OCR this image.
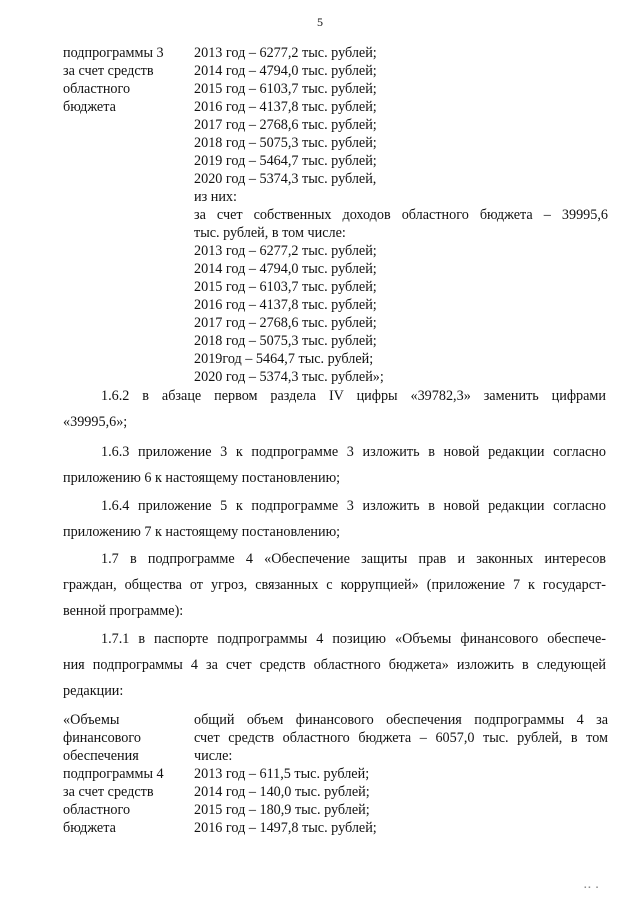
5
подпрограммы 3
за счет средств
областного
бюджета
2013 год – 6277,2 тыс. рублей;
2014 год – 4794,0 тыс. рублей;
2015 год – 6103,7 тыс. рублей;
2016 год – 4137,8 тыс. рублей;
2017 год – 2768,6 тыс. рублей;
2018 год – 5075,3 тыс. рублей;
2019 год – 5464,7 тыс. рублей;
2020 год – 5374,3 тыс. рублей,
из них:
за счет собственных доходов областного бюджета – 39995,6
тыс. рублей, в том числе:
2013 год – 6277,2 тыс. рублей;
2014 год – 4794,0 тыс. рублей;
2015 год – 6103,7 тыс. рублей;
2016 год – 4137,8 тыс. рублей;
2017 год – 2768,6 тыс. рублей;
2018 год – 5075,3 тыс. рублей;
2019год – 5464,7 тыс. рублей;
2020 год – 5374,3 тыс. рублей»;
1.6.2 в абзаце первом раздела IV цифры «39782,3» заменить цифрами
«39995,6»;
1.6.3 приложение 3 к подпрограмме 3 изложить в новой редакции согласно
приложению 6 к настоящему постановлению;
1.6.4 приложение 5 к подпрограмме 3 изложить в новой редакции согласно
приложению 7 к настоящему постановлению;
1.7 в подпрограмме 4 «Обеспечение защиты прав и законных интересов
граждан, общества от угроз, связанных с коррупцией» (приложение 7 к государст-
венной программе):
1.7.1 в паспорте подпрограммы 4 позицию «Объемы финансового обеспече-
ния подпрограммы 4 за счет средств областного бюджета» изложить в следующей
редакции:
«Объемы
финансового
обеспечения
подпрограммы 4
за счет средств
областного
бюджета
общий объем финансового обеспечения подпрограммы 4 за
счет средств областного бюджета – 6057,0 тыс. рублей, в том
числе:
2013 год – 611,5 тыс. рублей;
2014 год – 140,0 тыс. рублей;
2015 год – 180,9 тыс. рублей;
2016 год – 1497,8 тыс. рублей;
▪▪ ▪
